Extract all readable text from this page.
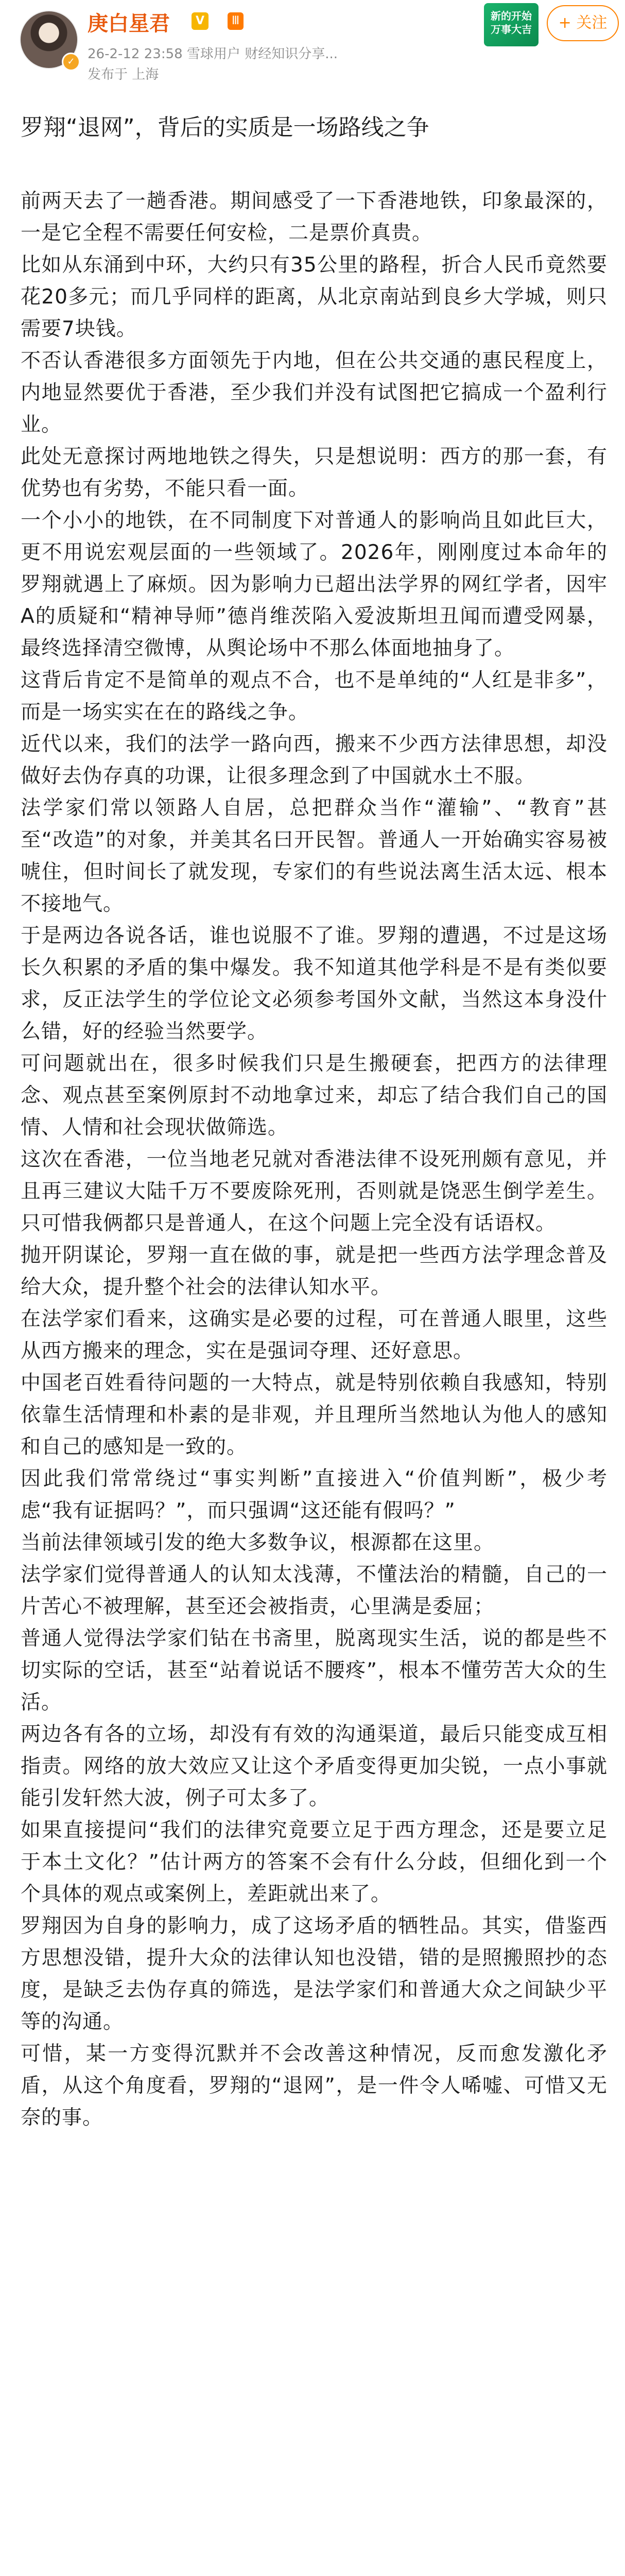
✓
庚白星君	V	Ⅲ
26-2-12 23:58 雪球用户 财经知识分享...
发布于 上海
新的开始 万事大吉	+ 关注
罗翔“退网”，背后的实质是一场路线之争

前两天去了一趟香港。期间感受了一下香港地铁，印象最深的，一是它全程不需要任何安检，二是票价真贵。

比如从东涌到中环，大约只有35公里的路程，折合人民币竟然要花20多元；而几乎同样的距离，从北京南站到良乡大学城，则只需要7块钱。

不否认香港很多方面领先于内地，但在公共交通的惠民程度上，内地显然要优于香港，至少我们并没有试图把它搞成一个盈利行业。

此处无意探讨两地地铁之得失，只是想说明：西方的那一套，有优势也有劣势，不能只看一面。

一个小小的地铁，在不同制度下对普通人的影响尚且如此巨大，更不用说宏观层面的一些领域了。2026年，刚刚度过本命年的罗翔就遇上了麻烦。因为影响力已超出法学界的网红学者，因牢A的质疑和“精神导师”德肖维茨陷入爱波斯坦丑闻而遭受网暴，最终选择清空微博，从舆论场中不那么体面地抽身了。

这背后肯定不是简单的观点不合，也不是单纯的“人红是非多”，而是一场实实在在的路线之争。

近代以来，我们的法学一路向西，搬来不少西方法律思想，却没做好去伪存真的功课，让很多理念到了中国就水土不服。

法学家们常以领路人自居，总把群众当作“灌输”、“教育”甚至“改造”的对象，并美其名曰开民智。普通人一开始确实容易被唬住，但时间长了就发现，专家们的有些说法离生活太远、根本不接地气。

于是两边各说各话，谁也说服不了谁。罗翔的遭遇，不过是这场长久积累的矛盾的集中爆发。我不知道其他学科是不是有类似要求，反正法学生的学位论文必须参考国外文献，当然这本身没什么错，好的经验当然要学。

可问题就出在，很多时候我们只是生搬硬套，把西方的法律理念、观点甚至案例原封不动地拿过来，却忘了结合我们自己的国情、人情和社会现状做筛选。

这次在香港，一位当地老兄就对香港法律不设死刑颇有意见，并且再三建议大陆千万不要废除死刑，否则就是饶恶生倒学差生。只可惜我俩都只是普通人，在这个问题上完全没有话语权。

抛开阴谋论，罗翔一直在做的事，就是把一些西方法学理念普及给大众，提升整个社会的法律认知水平。

在法学家们看来，这确实是必要的过程，可在普通人眼里，这些从西方搬来的理念，实在是强词夺理、还好意思。

中国老百姓看待问题的一大特点，就是特别依赖自我感知，特别依靠生活情理和朴素的是非观，并且理所当然地认为他人的感知和自己的感知是一致的。

因此我们常常绕过“事实判断”直接进入“价值判断”，极少考虑“我有证据吗？”，而只强调“这还能有假吗？”

当前法律领域引发的绝大多数争议，根源都在这里。

法学家们觉得普通人的认知太浅薄，不懂法治的精髓，自己的一片苦心不被理解，甚至还会被指责，心里满是委屈；

普通人觉得法学家们钻在书斋里，脱离现实生活，说的都是些不切实际的空话，甚至“站着说话不腰疼”，根本不懂劳苦大众的生活。

两边各有各的立场，却没有有效的沟通渠道，最后只能变成互相指责。网络的放大效应又让这个矛盾变得更加尖锐，一点小事就能引发轩然大波，例子可太多了。

如果直接提问“我们的法律究竟要立足于西方理念，还是要立足于本土文化？”估计两方的答案不会有什么分歧，但细化到一个个具体的观点或案例上，差距就出来了。

罗翔因为自身的影响力，成了这场矛盾的牺牲品。其实，借鉴西方思想没错，提升大众的法律认知也没错，错的是照搬照抄的态度，是缺乏去伪存真的筛选，是法学家们和普通大众之间缺少平等的沟通。

可惜，某一方变得沉默并不会改善这种情况，反而愈发激化矛盾，从这个角度看，罗翔的“退网”，是一件令人唏嘘、可惜又无奈的事。
